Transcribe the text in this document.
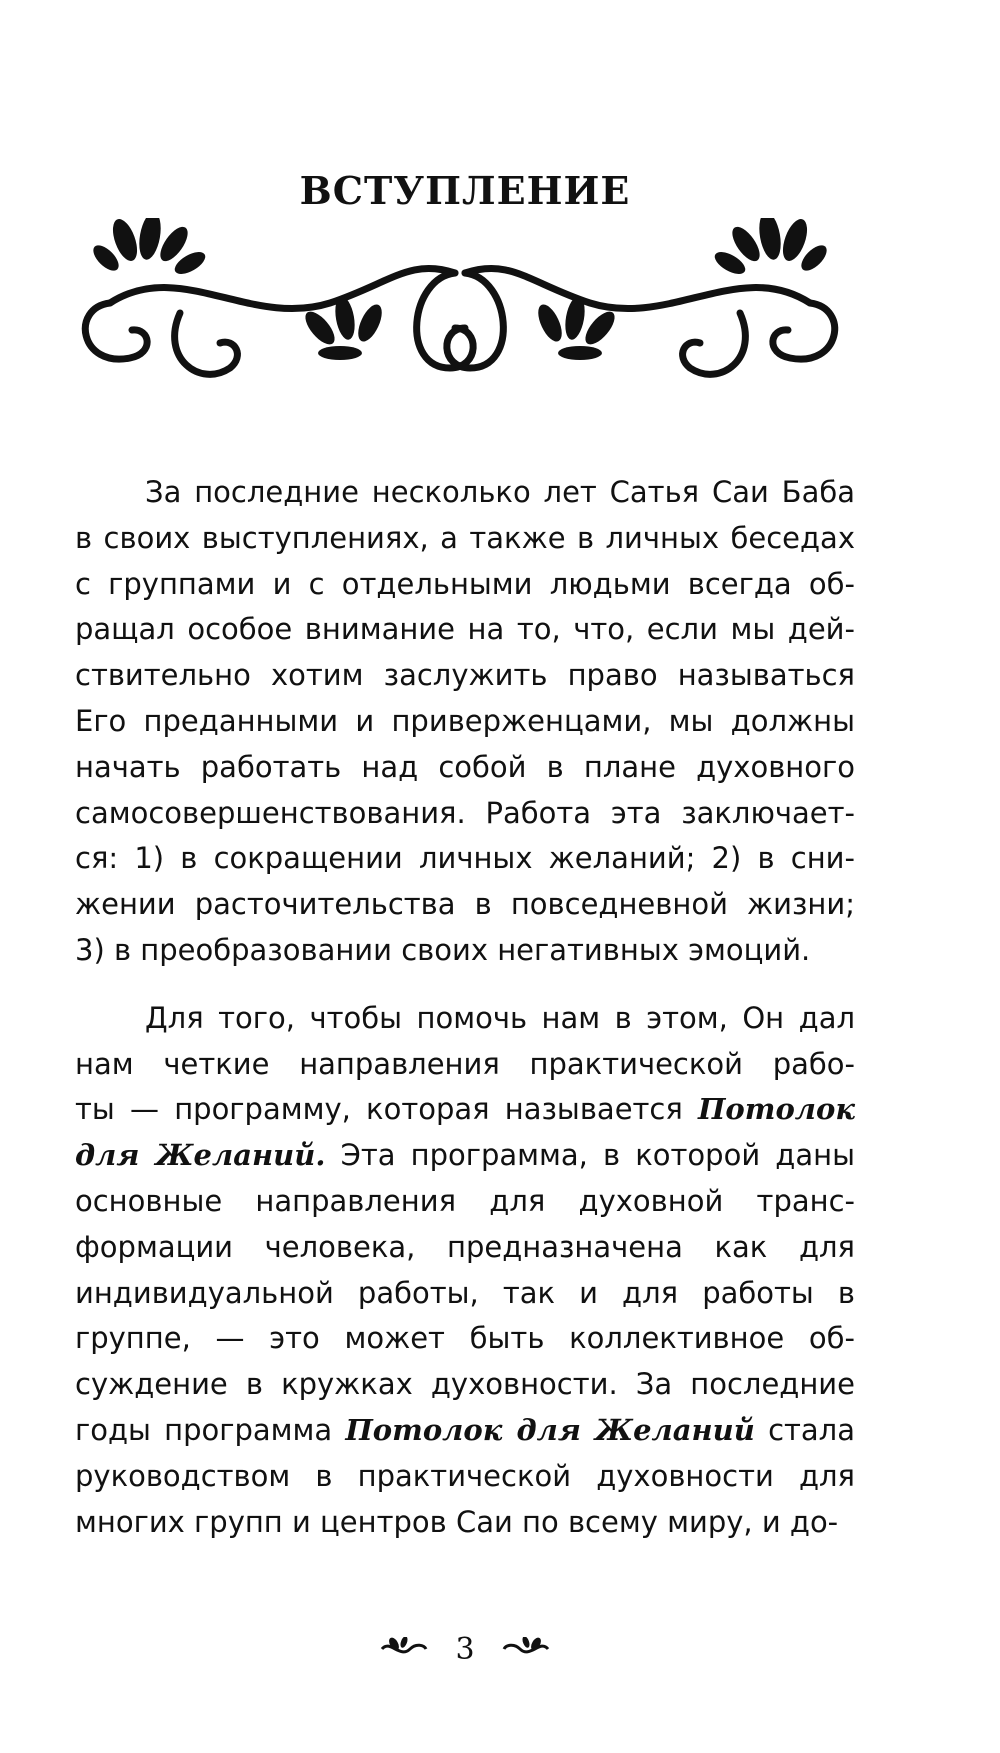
ВСТУПЛЕНИЕ
За последние несколько лет Сатья Саи Баба
в своих выступлениях, а также в личных беседах
с группами и с отдельными людьми всегда об-
ращал особое внимание на то, что, если мы дей-
ствительно хотим заслужить право называться
Его преданными и приверженцами, мы должны
начать работать над собой в плане духовного
самосовершенствования. Работа эта заключает-
ся: 1) в сокращении личных желаний; 2) в сни-
жении расточительства в повседневной жизни;
3) в преобразовании своих негативных эмоций.
Для того, чтобы помочь нам в этом, Он дал
нам четкие направления практической рабо-
ты — программу, которая называется Потолок
для Желаний. Эта программа, в которой даны
основные направления для духовной транс-
формации человека, предназначена как для
индивидуальной работы, так и для работы в
группе, — это может быть коллективное об-
суждение в кружках духовности. За последние
годы программа Потолок для Желаний стала
руководством в практической духовности для
многих групп и центров Саи по всему миру, и до-
3
